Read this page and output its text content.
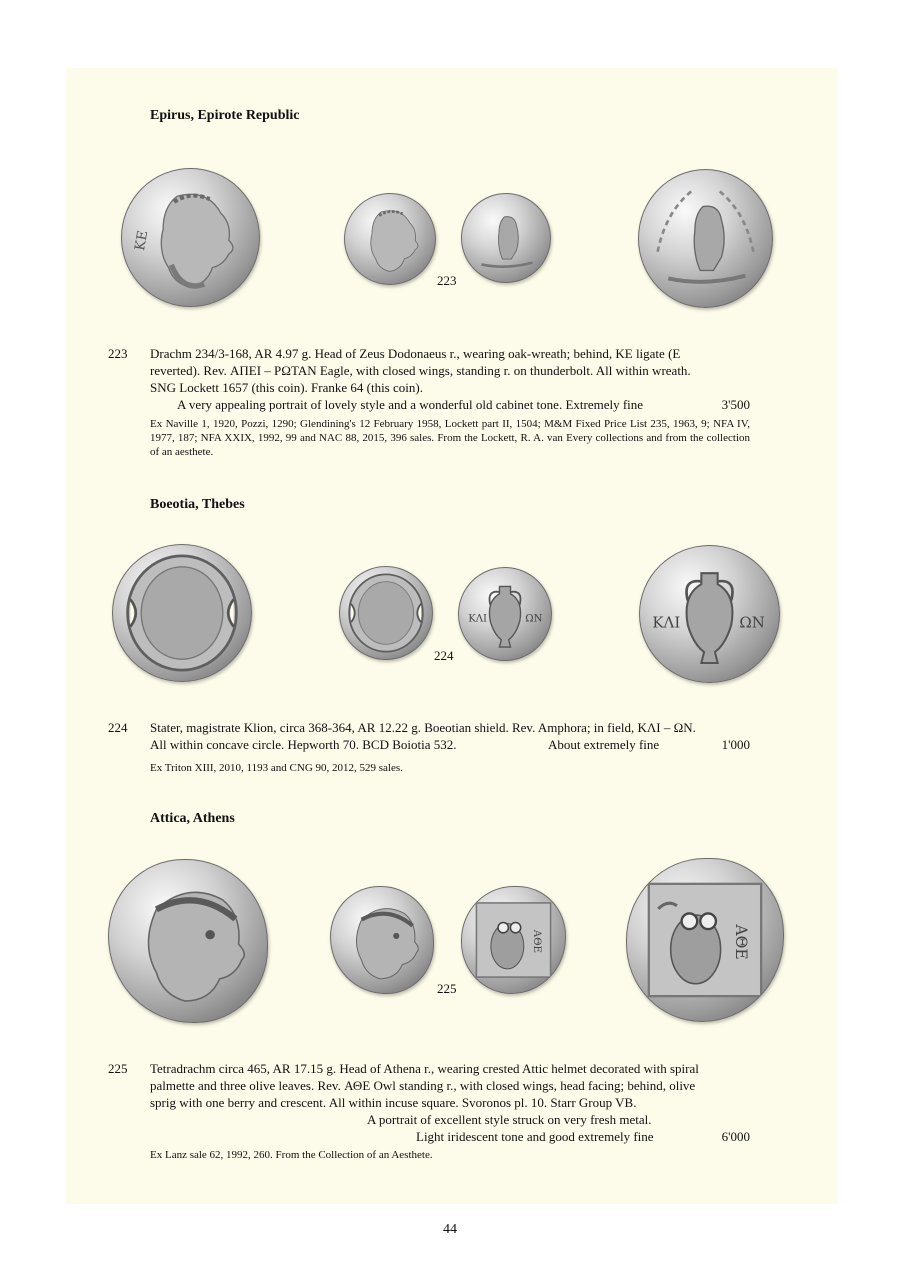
Epirus, Epirote Republic
ΚΕ
223
223 Drachm 234/3-168, AR 4.97 g. Head of Zeus Dodonaeus r., wearing oak-wreath; behind, KE ligate (E
reverted). Rev. ΑΠΕΙ – ΡΩΤΑΝ Eagle, with closed wings, standing r. on thunderbolt. All within wreath.
SNG Lockett 1657 (this coin). Franke 64 (this coin).
A very appealing portrait of lovely style and a wonderful old cabinet tone. Extremely fine	3'500
Ex Naville 1, 1920, Pozzi, 1290; Glendining's 12 February 1958, Lockett part II, 1504; M&M Fixed Price List 235, 1963, 9; NFA IV, 1977, 187; NFA XXIX, 1992, 99 and NAC 88, 2015, 396 sales. From the Lockett, R. A. van Every collections and from the collection of an aesthete.
Boeotia, Thebes
ΚΛΙ	ΩΝ	ΚΛΙ	ΩΝ
224
224 Stater, magistrate Klion, circa 368-364, AR 12.22 g. Boeotian shield. Rev. Amphora; in field, ΚΛΙ – ΩΝ.
All within concave circle. Hepworth 70. BCD Boiotia 532.	About extremely fine	1'000
Ex Triton XIII, 2010, 1193 and CNG 90, 2012, 529 sales.
Attica, Athens
ΑΘΕ	ΑΘΕ
225
225 Tetradrachm circa 465, AR 17.15 g. Head of Athena r., wearing crested Attic helmet decorated with spiral
palmette and three olive leaves. Rev. ΑΘΕ Owl standing r., with closed wings, head facing; behind, olive
sprig with one berry and crescent. All within incuse square. Svoronos pl. 10. Starr Group VB.
A portrait of excellent style struck on very fresh metal.
Light iridescent tone and good extremely fine	6'000
Ex Lanz sale 62, 1992, 260. From the Collection of an Aesthete.
44
